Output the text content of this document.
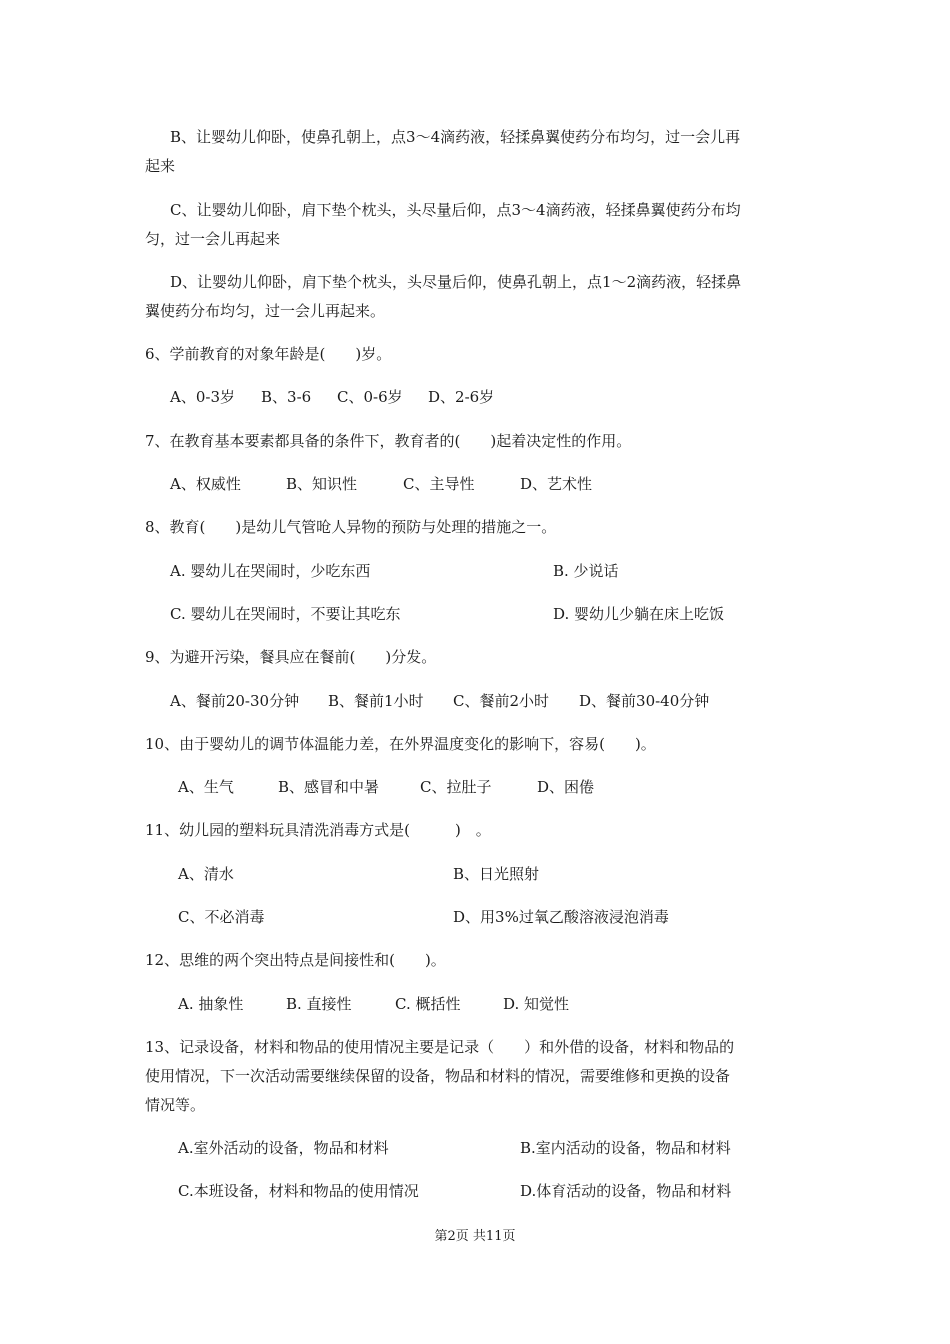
B、让婴幼儿仰卧，使鼻孔朝上，点3～4滴药液，轻揉鼻翼使药分布均匀，过一会儿再
起来
C、让婴幼儿仰卧，肩下垫个枕头，头尽量后仰，点3～4滴药液，轻揉鼻翼使药分布均
匀，过一会儿再起来
D、让婴幼儿仰卧，肩下垫个枕头，头尽量后仰，使鼻孔朝上，点1～2滴药液，轻揉鼻
翼使药分布均匀，过一会儿再起来。
6、学前教育的对象年龄是(　　)岁。
A、0-3岁 B、3-6 C、0-6岁 D、2-6岁
7、在教育基本要素都具备的条件下，教育者的(　　)起着决定性的作用。
A、权威性	B、知识性	C、主导性	D、艺术性
8、教育(　　)是幼儿气管呛人异物的预防与处理的措施之一。
A. 婴幼儿在哭闹时，少吃东西	B. 少说话
C. 婴幼儿在哭闹时，不要让其吃东	D. 婴幼儿少躺在床上吃饭
9、为避开污染，餐具应在餐前(　　)分发。
A、餐前20-30分钟 B、餐前1小时 C、餐前2小时 D、餐前30-40分钟
10、由于婴幼儿的调节体温能力差，在外界温度变化的影响下，容易(　　)。
A、生气	B、感冒和中暑	C、拉肚子	D、困倦
11、幼儿园的塑料玩具清洗消毒方式是(　　　)　。
A、清水	B、日光照射
C、不必消毒	D、用3%过氧乙酸溶液浸泡消毒
12、思维的两个突出特点是间接性和(　　)。
A. 抽象性	B. 直接性	C. 概括性	D. 知觉性
13、记录设备，材料和物品的使用情况主要是记录（　　）和外借的设备，材料和物品的
使用情况，下一次活动需要继续保留的设备，物品和材料的情况，需要维修和更换的设备
情况等。
A.室外活动的设备，物品和材料	B.室内活动的设备，物品和材料
C.本班设备，材料和物品的使用情况	D.体育活动的设备，物品和材料
第2页 共11页
